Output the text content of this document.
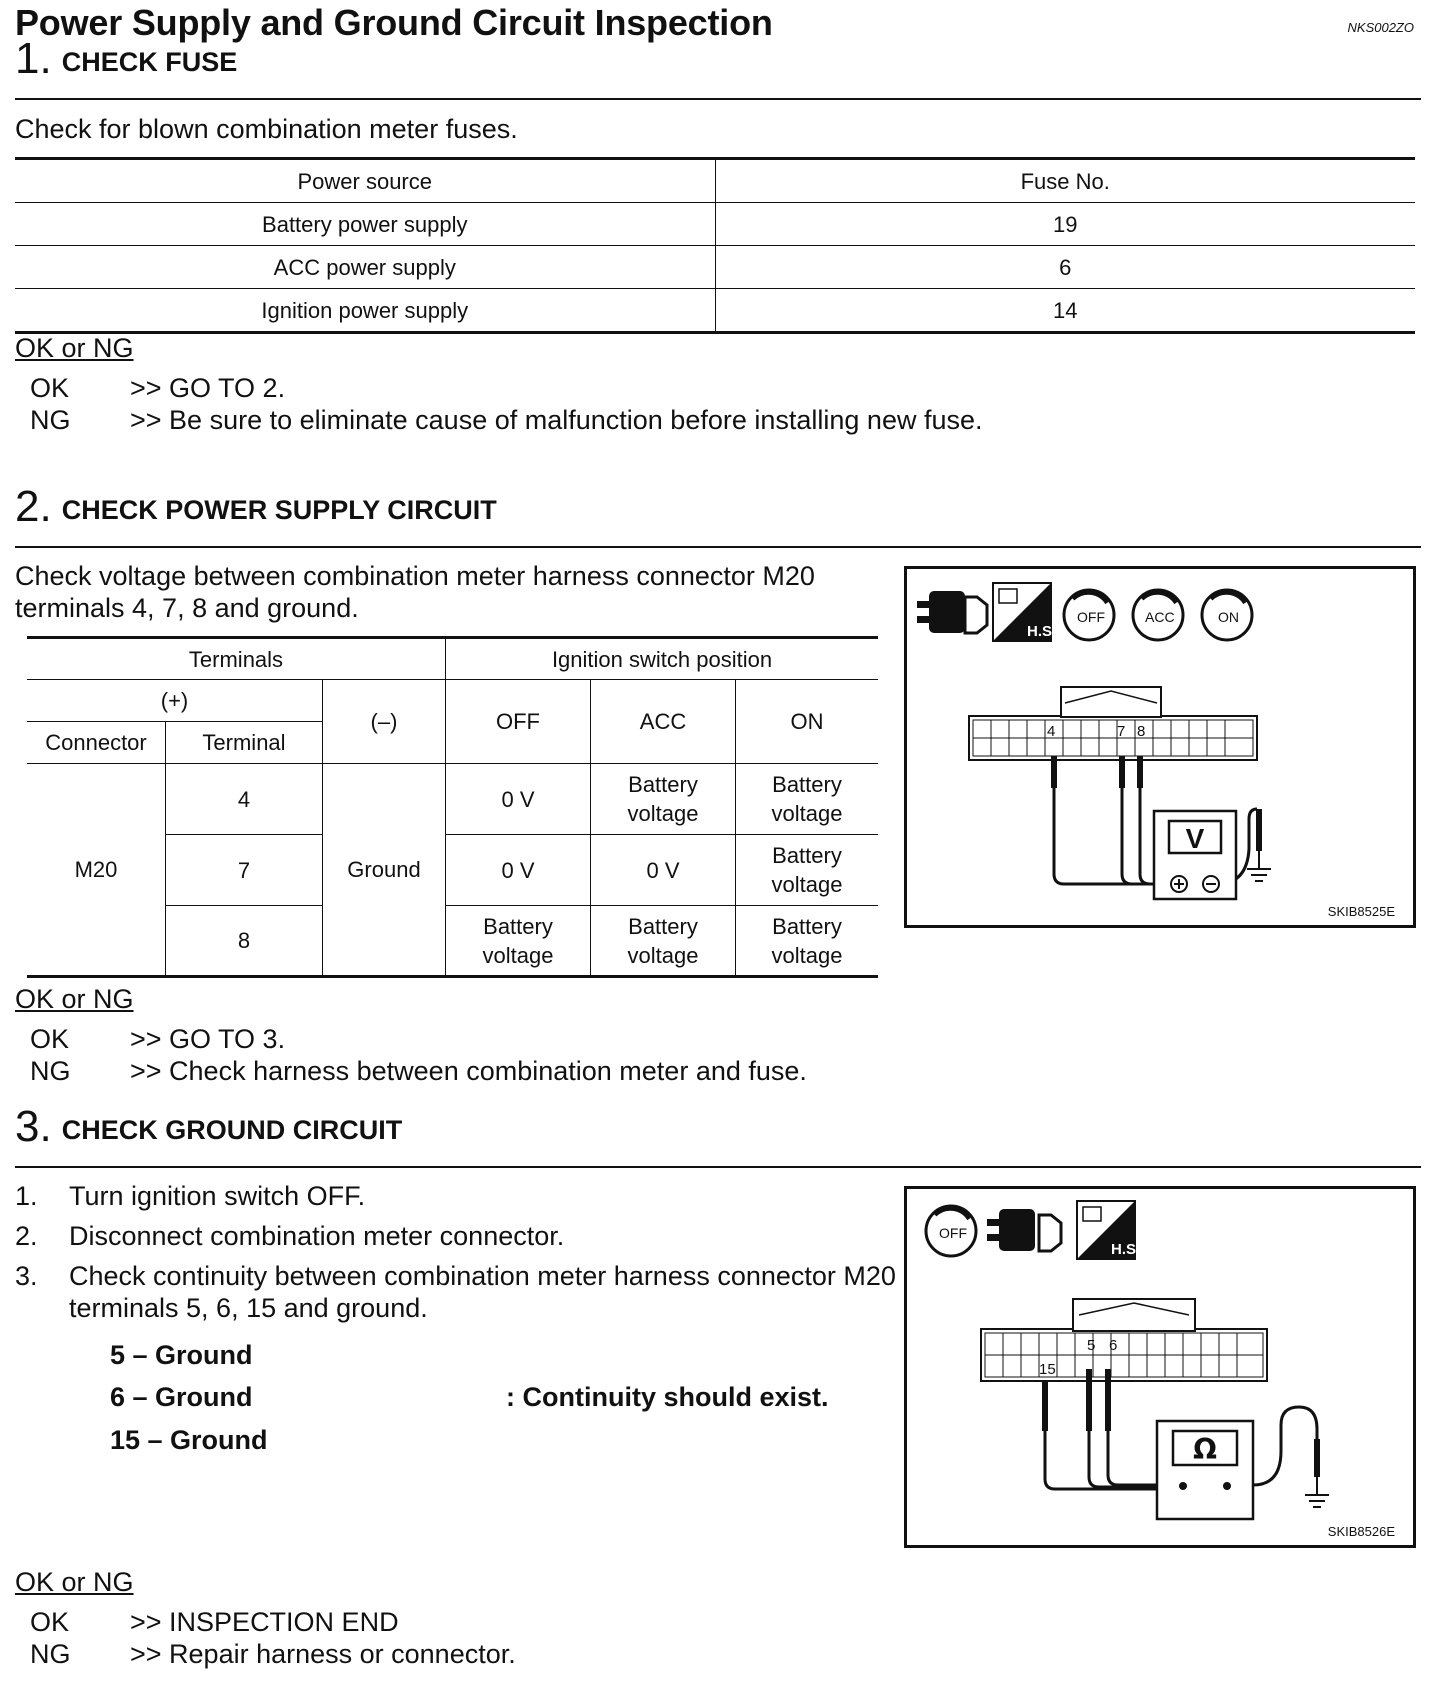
Power Supply and Ground Circuit Inspection	NKS002ZO
1. CHECK FUSE
Check for blown combination meter fuses.
Power source	Fuse No.
Battery power supply	19
ACC power supply	6
Ignition power supply	14
OK or NG
OK >> GO TO 2.
NG >> Be sure to eliminate cause of malfunction before installing new fuse.
2. CHECK POWER SUPPLY CIRCUIT
Check voltage between combination meter harness connector M20
terminals 4, 7, 8 and ground.
Terminals			Ignition switch position		
(+)		(–)	OFF	ACC	ON
Connector	Terminal				
M20	4	Ground	0 V	Battery voltage	Battery voltage
	7		0 V	0 V	Battery voltage
	8		Battery voltage	Battery voltage	Battery voltage
H.S.
OFF	ACC	ON
4	7 8
V
SKIB8525E
OK or NG
OK >> GO TO 3.
NG >> Check harness between combination meter and fuse.
3. CHECK GROUND CIRCUIT
1. Turn ignition switch OFF.
2. Disconnect combination meter connector.
3. Check continuity between combination meter harness connector M20 terminals 5, 6, 15 and ground.
5 – Ground
6 – Ground
15 – Ground
: Continuity should exist.
OFF
H.S.
15
5 6
Ω
SKIB8526E
OK or NG
OK >> INSPECTION END
NG >> Repair harness or connector.
